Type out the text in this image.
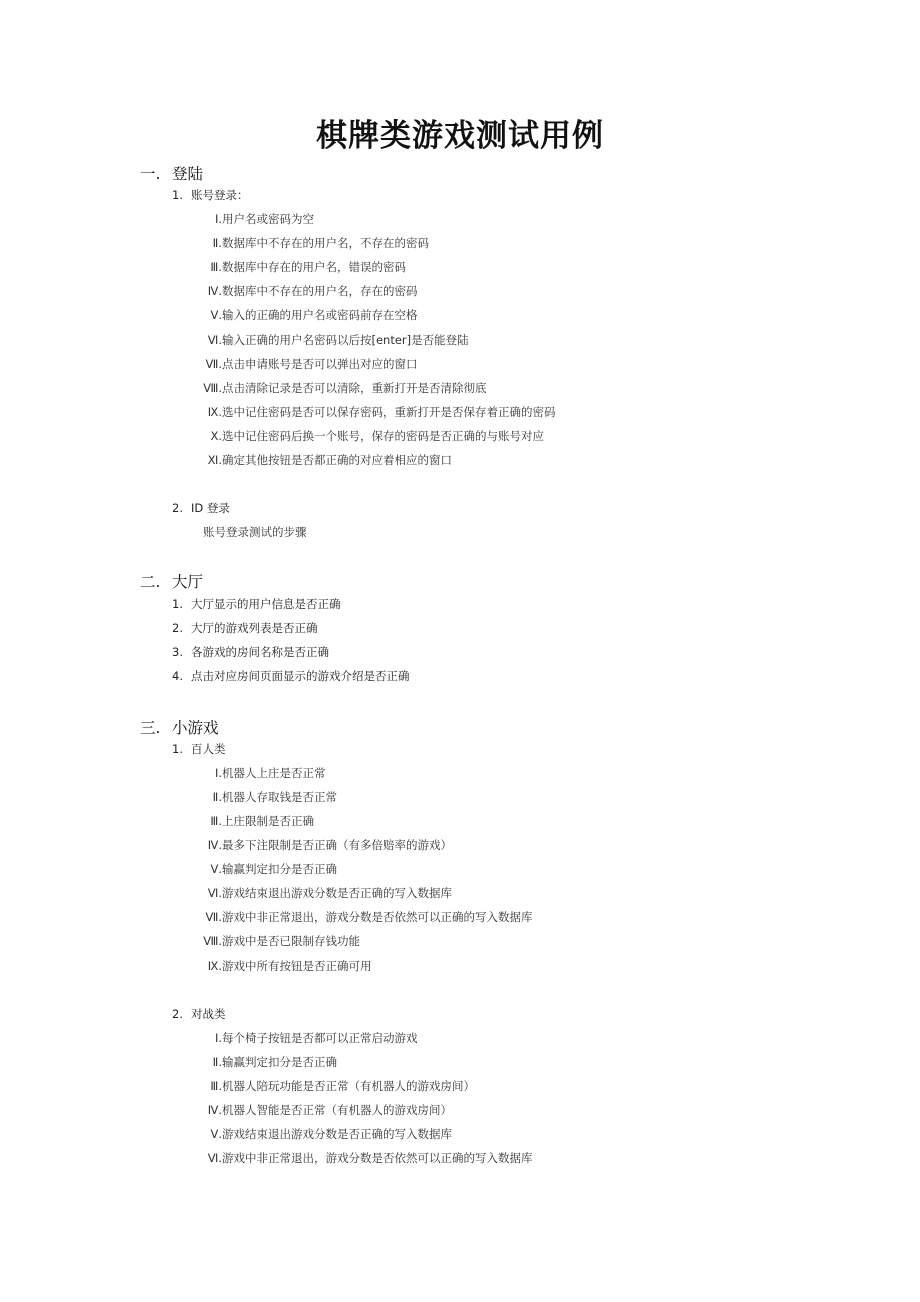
棋牌类游戏测试用例
一. 登陆
1. 账号登录：
Ⅰ.用户名或密码为空
Ⅱ.数据库中不存在的用户名，不存在的密码
Ⅲ.数据库中存在的用户名，错误的密码
Ⅳ.数据库中不存在的用户名，存在的密码
Ⅴ.输入的正确的用户名或密码前存在空格
Ⅵ.输入正确的用户名密码以后按[enter]是否能登陆
Ⅶ.点击申请账号是否可以弹出对应的窗口
Ⅷ.点击清除记录是否可以清除，重新打开是否清除彻底
Ⅸ.选中记住密码是否可以保存密码，重新打开是否保存着正确的密码
Ⅹ.选中记住密码后换一个账号，保存的密码是否正确的与账号对应
Ⅺ.确定其他按钮是否都正确的对应着相应的窗口
2. ID 登录
账号登录测试的步骤
二. 大厅
1. 大厅显示的用户信息是否正确
2. 大厅的游戏列表是否正确
3. 各游戏的房间名称是否正确
4. 点击对应房间页面显示的游戏介绍是否正确
三. 小游戏
1. 百人类
Ⅰ.机器人上庄是否正常
Ⅱ.机器人存取钱是否正常
Ⅲ.上庄限制是否正确
Ⅳ.最多下注限制是否正确（有多倍赔率的游戏）
Ⅴ.输赢判定扣分是否正确
Ⅵ.游戏结束退出游戏分数是否正确的写入数据库
Ⅶ.游戏中非正常退出，游戏分数是否依然可以正确的写入数据库
Ⅷ.游戏中是否已限制存钱功能
Ⅸ.游戏中所有按钮是否正确可用
2. 对战类
Ⅰ.每个椅子按钮是否都可以正常启动游戏
Ⅱ.输赢判定扣分是否正确
Ⅲ.机器人陪玩功能是否正常（有机器人的游戏房间）
Ⅳ.机器人智能是否正常（有机器人的游戏房间）
Ⅴ.游戏结束退出游戏分数是否正确的写入数据库
Ⅵ.游戏中非正常退出，游戏分数是否依然可以正确的写入数据库
